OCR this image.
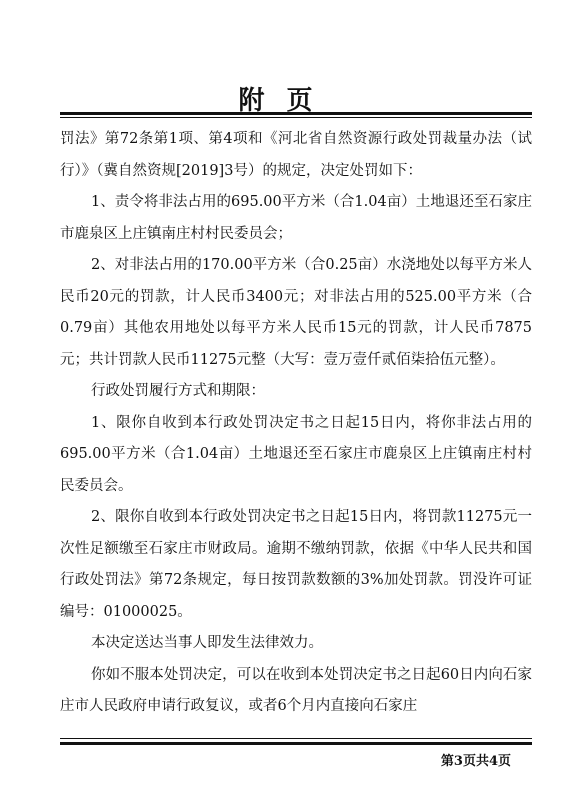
附页

罚法》第72条第1项、第4项和《河北省自然资源行政处罚裁量办法（试行）》（冀自然资规[2019]3号）的规定，决定处罚如下：

1、责令将非法占用的695.00平方米（合1.04亩）土地退还至石家庄市鹿泉区上庄镇南庄村村民委员会；

2、对非法占用的170.00平方米（合0.25亩）水浇地处以每平方米人民币20元的罚款，计人民币3400元；对非法占用的525.00平方米（合0.79亩）其他农用地处以每平方米人民币15元的罚款，计人民币7875元；共计罚款人民币11275元整（大写：壹万壹仟贰佰柒拾伍元整）。

行政处罚履行方式和期限：

1、限你自收到本行政处罚决定书之日起15日内，将你非法占用的695.00平方米（合1.04亩）土地退还至石家庄市鹿泉区上庄镇南庄村村民委员会。

2、限你自收到本行政处罚决定书之日起15日内，将罚款11275元一次性足额缴至石家庄市财政局。逾期不缴纳罚款，依据《中华人民共和国行政处罚法》第72条规定，每日按罚款数额的3%加处罚款。罚没许可证编号：01000025。

本决定送达当事人即发生法律效力。

你如不服本处罚决定，可以在收到本处罚决定书之日起60日内向石家庄市人民政府申请行政复议，或者6个月内直接向石家庄

第3页共4页
